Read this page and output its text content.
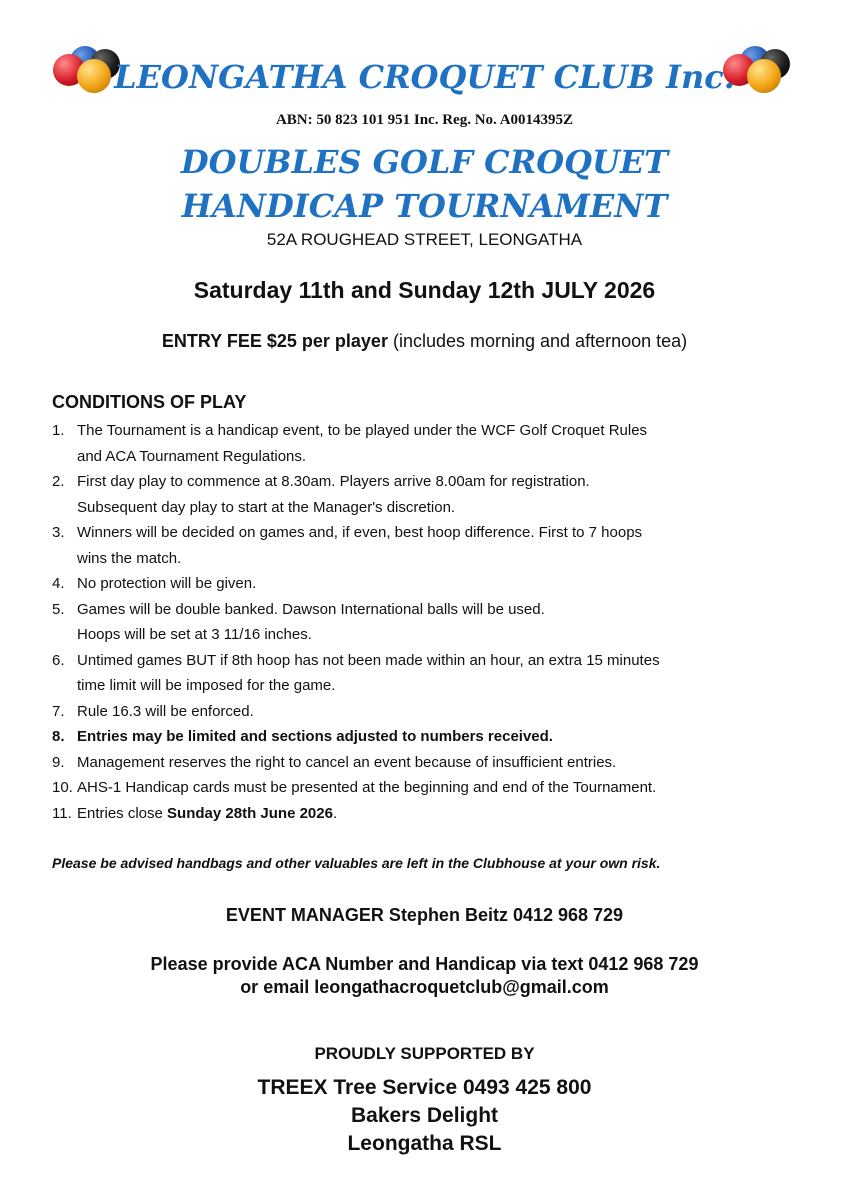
LEONGATHA CROQUET CLUB Inc.
ABN: 50 823 101 951 Inc. Reg. No. A0014395Z
DOUBLES GOLF CROQUET
HANDICAP TOURNAMENT
52A ROUGHEAD STREET, LEONGATHA
Saturday 11th and Sunday 12th JULY 2026
ENTRY FEE $25 per player (includes morning and afternoon tea)
CONDITIONS OF PLAY
1. The Tournament is a handicap event, to be played under the WCF Golf Croquet Rules
and ACA Tournament Regulations.
2. First day play to commence at 8.30am. Players arrive 8.00am for registration.
Subsequent day play to start at the Manager's discretion.
3. Winners will be decided on games and, if even, best hoop difference. First to 7 hoops
wins the match.
4. No protection will be given.
5. Games will be double banked. Dawson International balls will be used.
Hoops will be set at 3 11/16 inches.
6. Untimed games BUT if 8th hoop has not been made within an hour, an extra 15 minutes
time limit will be imposed for the game.
7. Rule 16.3 will be enforced.
8. Entries may be limited and sections adjusted to numbers received.
9. Management reserves the right to cancel an event because of insufficient entries.
10. AHS-1 Handicap cards must be presented at the beginning and end of the Tournament.
11. Entries close Sunday 28th June 2026.
Please be advised handbags and other valuables are left in the Clubhouse at your own risk.
EVENT MANAGER Stephen Beitz 0412 968 729
Please provide ACA Number and Handicap via text 0412 968 729
or email leongathacroquetclub@gmail.com
PROUDLY SUPPORTED BY
TREEX Tree Service 0493 425 800
Bakers Delight
Leongatha RSL
